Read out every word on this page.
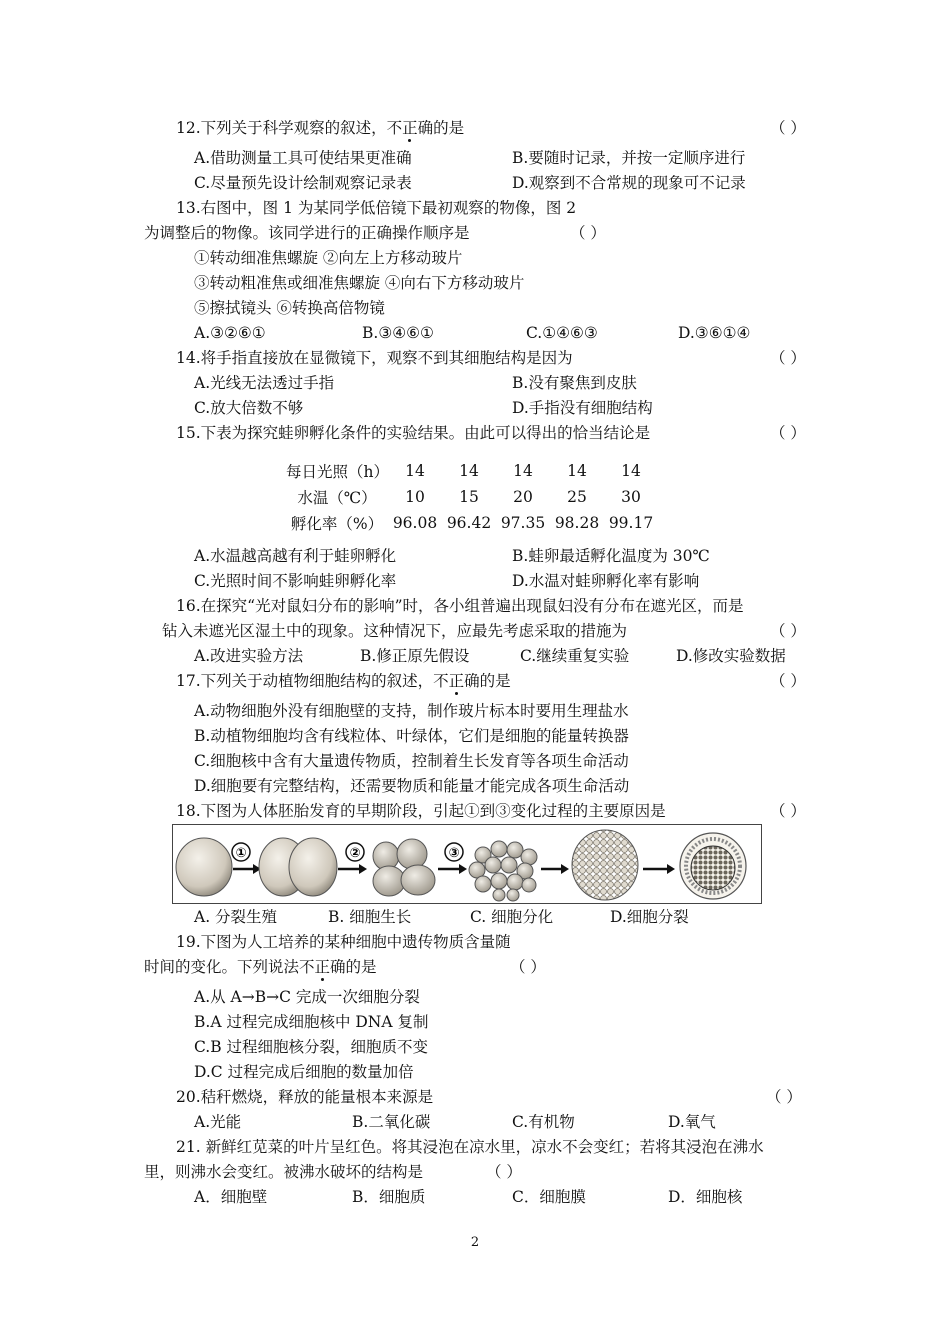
12.下列关于科学观察的叙述，不正确的是	（ ）
A.借助测量工具可使结果更准确	B.要随时记录，并按一定顺序进行
C.尽量预先设计绘制观察记录表	D.观察到不合常规的现象可不记录
13.右图中，图 1 为某同学低倍镜下最初观察的物像，图 2
为调整后的物像。该同学进行的正确操作顺序是	（ ）
①转动细准焦螺旋 ②向左上方移动玻片
③转动粗准焦或细准焦螺旋 ④向右下方移动玻片
⑤擦拭镜头 ⑥转换高倍物镜
A.③②⑥①	B.③④⑥①	C.①④⑥③	D.③⑥①④
14.将手指直接放在显微镜下，观察不到其细胞结构是因为	（ ）
A.光线无法透过手指	B.没有聚焦到皮肤
C.放大倍数不够	D.手指没有细胞结构
15.下表为探究蛙卵孵化条件的实验结果。由此可以得出的恰当结论是	（ ）
每日光照（h）	14	14	14	14	14
水温（℃）	10	15	20	25	30
孵化率（%）	96.08	96.42	97.35	98.28	99.17
A.水温越高越有利于蛙卵孵化	B.蛙卵最适孵化温度为 30℃
C.光照时间不影响蛙卵孵化率	D.水温对蛙卵孵化率有影响
16.在探究“光对鼠妇分布的影响”时，各小组普遍出现鼠妇没有分布在遮光区，而是
钻入未遮光区湿土中的现象。这种情况下，应最先考虑采取的措施为	（ ）
A.改进实验方法	B.修正原先假设	C.继续重复实验	D.修改实验数据
17.下列关于动植物细胞结构的叙述，不正确的是	（ ）
A.动物细胞外没有细胞壁的支持，制作玻片标本时要用生理盐水
B.动植物细胞均含有线粒体、叶绿体，它们是细胞的能量转换器
C.细胞核中含有大量遗传物质，控制着生长发育等各项生命活动
D.细胞要有完整结构，还需要物质和能量才能完成各项生命活动
18.下图为人体胚胎发育的早期阶段，引起①到③变化过程的主要原因是	（ ）
①	②	③
A. 分裂生殖	B. 细胞生长	C. 细胞分化	D.细胞分裂
19.下图为人工培养的某种细胞中遗传物质含量随
时间的变化。下列说法不正确的是	（ ）
A.从 A→B→C 完成一次细胞分裂
B.A 过程完成细胞核中 DNA 复制
C.B 过程细胞核分裂，细胞质不变
D.C 过程完成后细胞的数量加倍
20.秸秆燃烧，释放的能量根本来源是	（ ）
A.光能	B.二氧化碳	C.有机物	D.氧气
21. 新鲜红苋菜的叶片呈红色。将其浸泡在凉水里，凉水不会变红；若将其浸泡在沸水
里，则沸水会变红。被沸水破坏的结构是	（ ）
A．细胞壁	B．细胞质	C．细胞膜	D．细胞核
2
